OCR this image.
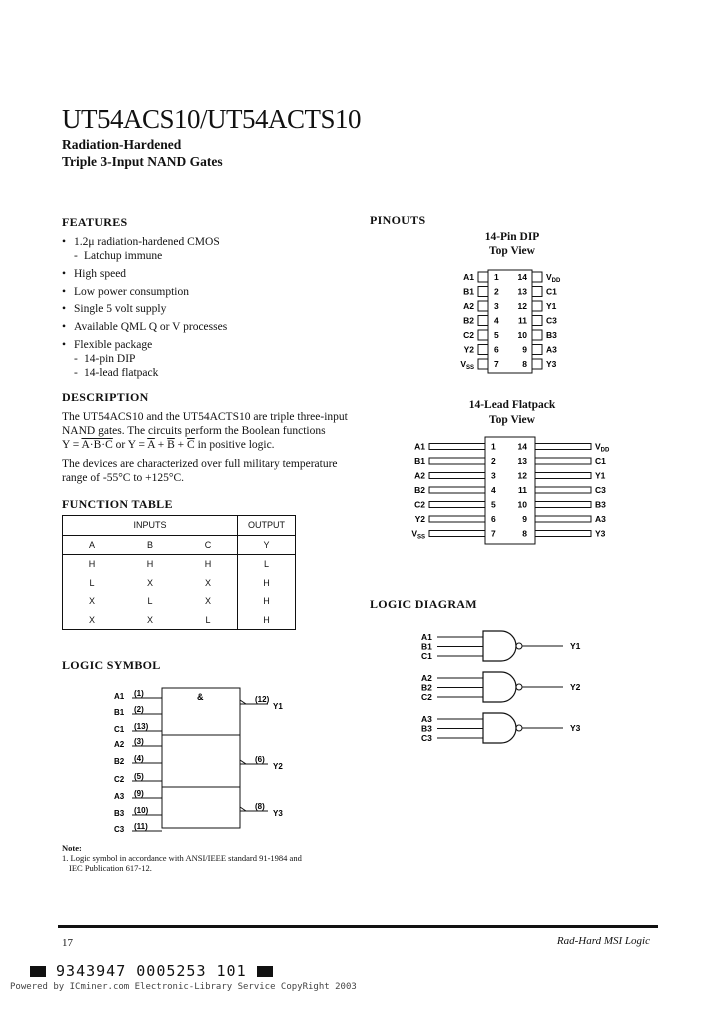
UT54ACS10/UT54ACTS10
Radiation-Hardened
Triple 3-Input NAND Gates
FEATURES
• 1.2μ radiation-hardened CMOS
- Latchup immune
• High speed
• Low power consumption
• Single 5 volt supply
• Available QML Q or V processes
• Flexible package
- 14-pin DIP
- 14-lead flatpack
DESCRIPTION
The UT54ACS10 and the UT54ACTS10 are triple three-input
NAND gates. The circuits perform the Boolean functions
Y = A·B·C or $Y = \overline{A} + \overline{B} + \overline{C}$ in positive logic.
The devices are characterized over full military temperature
range of -55°C to +125°C.
FUNCTION TABLE
INPUTS			OUTPUT
A	B	C	Y
H	H	H	L
L	X	X	H
X	L	X	H
X	X	L	H
LOGIC SYMBOL
&
A1 (1)
B1 (2)
C1 (13)
A2 (3)
B2 (4)
C2 (5)
A3 (9)
B3 (10)
C3 (11)
(12)
Y1
(6)
Y2
(8)
Y3
Note:
1. Logic symbol in accordance with ANSI/IEEE standard 91-1984 and
IEC Publication 617-12.
PINOUTS
14-Pin DIP
Top View
A1 1 14 $V_{DD}$
B1 2 13 C1
A2 3 12 Y1
B2 4 11 C3
C2 5 10 B3
Y2 6	9 A3
$V_{SS}$ 7	8 Y3
14-Lead Flatpack
Top View
A1	1	14	$V_{DD}$
B1	2	13	C1
A2	3	12	Y1
B2	4	11	C3
C2	5	10	B3
Y2	6	9	A3
$V_{SS}$	7	8	Y3
LOGIC DIAGRAM
A1
B1
C1
Y1
A2
B2
C2
Y2
A3
B3
C3
Y3
17	Rad-Hard MSI Logic
9343947 0005253 101
Powered by ICminer.com Electronic-Library Service CopyRight 2003
